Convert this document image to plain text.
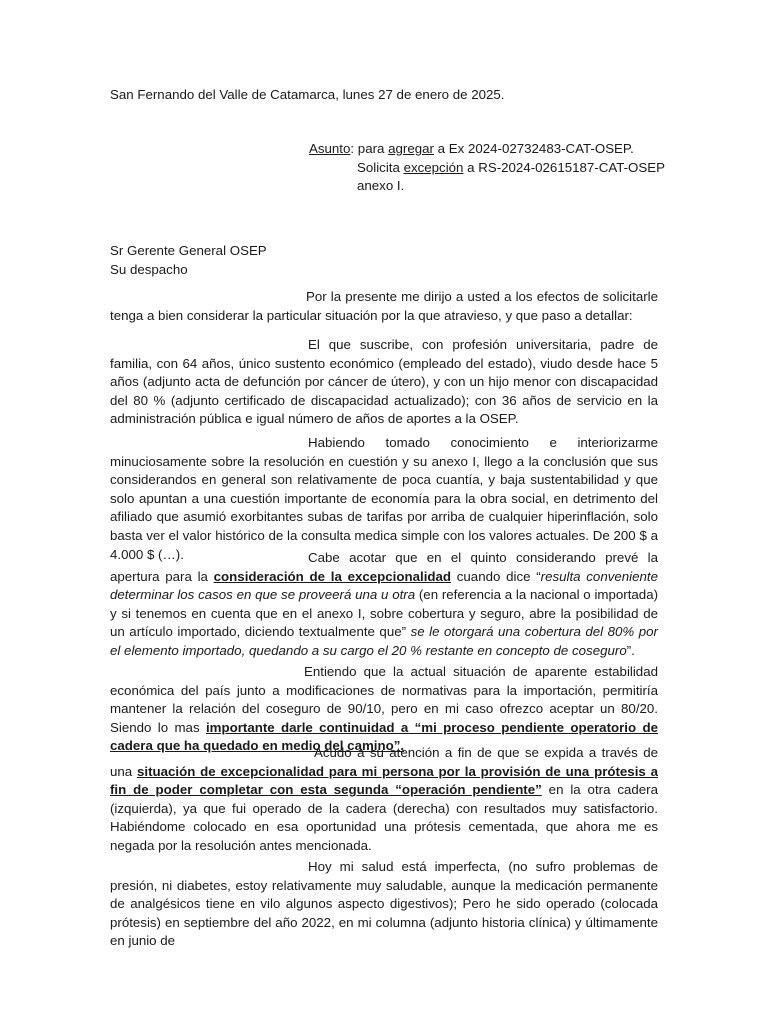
San Fernando del Valle de Catamarca, lunes 27 de enero de 2025.

Asunto: para agregar a Ex 2024-02732483-CAT-OSEP.
Solicita excepción a RS-2024-02615187-CAT-OSEP
anexo I.

Sr Gerente General OSEP
Su despacho

Por la presente me dirijo a usted a los efectos de solicitarle tenga a bien considerar la particular situación por la que atravieso, y que paso a detallar:

El que suscribe, con profesión universitaria, padre de familia, con 64 años, único sustento económico (empleado del estado), viudo desde hace 5 años (adjunto acta de defunción por cáncer de útero), y con un hijo menor con discapacidad del 80 % (adjunto certificado de discapacidad actualizado); con 36 años de servicio en la administración pública e igual número de años de aportes a la OSEP.

Habiendo tomado conocimiento e interiorizarme minuciosamente sobre la resolución en cuestión y su anexo I, llego a la conclusión que sus considerandos en general son relativamente de poca cuantía, y baja sustentabilidad y que solo apuntan a una cuestión importante de economía para la obra social, en detrimento del afiliado que asumió exorbitantes subas de tarifas por arriba de cualquier hiperinflación, solo basta ver el valor histórico de la consulta medica simple con los valores actuales. De 200 $ a 4.000 $ (…).	Cabe acotar que en el quinto considerando prevé la apertura para la consideración de la excepcionalidad cuando dice “resulta conveniente determinar los casos en que se proveerá una u otra (en referencia a la nacional o importada) y si tenemos en cuenta que en el anexo I, sobre cobertura y seguro, abre la posibilidad de un artículo importado, diciendo textualmente que” se le otorgará una cobertura del 80% por el elemento importado, quedando a su cargo el 20 % restante en concepto de coseguro”.

Entiendo que la actual situación de aparente estabilidad económica del país junto a modificaciones de normativas para la importación, permitiría mantener la relación del coseguro de 90/10, pero en mi caso ofrezco aceptar un 80/20. Siendo lo mas importante darle continuidad a “mi proceso pendiente operatorio de cadera que ha quedado en medio del camino”.

Acudo a su atención a fin de que se expida a través de una situación de excepcionalidad para mi persona por la provisión de una prótesis a fin de poder completar con esta segunda “operación pendiente” en la otra cadera (izquierda), ya que fui operado de la cadera (derecha) con resultados muy satisfactorio. Habiéndome colocado en esa oportunidad una prótesis cementada, que ahora me es negada por la resolución antes mencionada.

Hoy mi salud está imperfecta, (no sufro problemas de presión, ni diabetes, estoy relativamente muy saludable, aunque la medicación permanente de analgésicos tiene en vilo algunos aspecto digestivos); Pero he sido operado (colocada prótesis) en septiembre del año 2022, en mi columna (adjunto historia clínica) y últimamente en junio de
